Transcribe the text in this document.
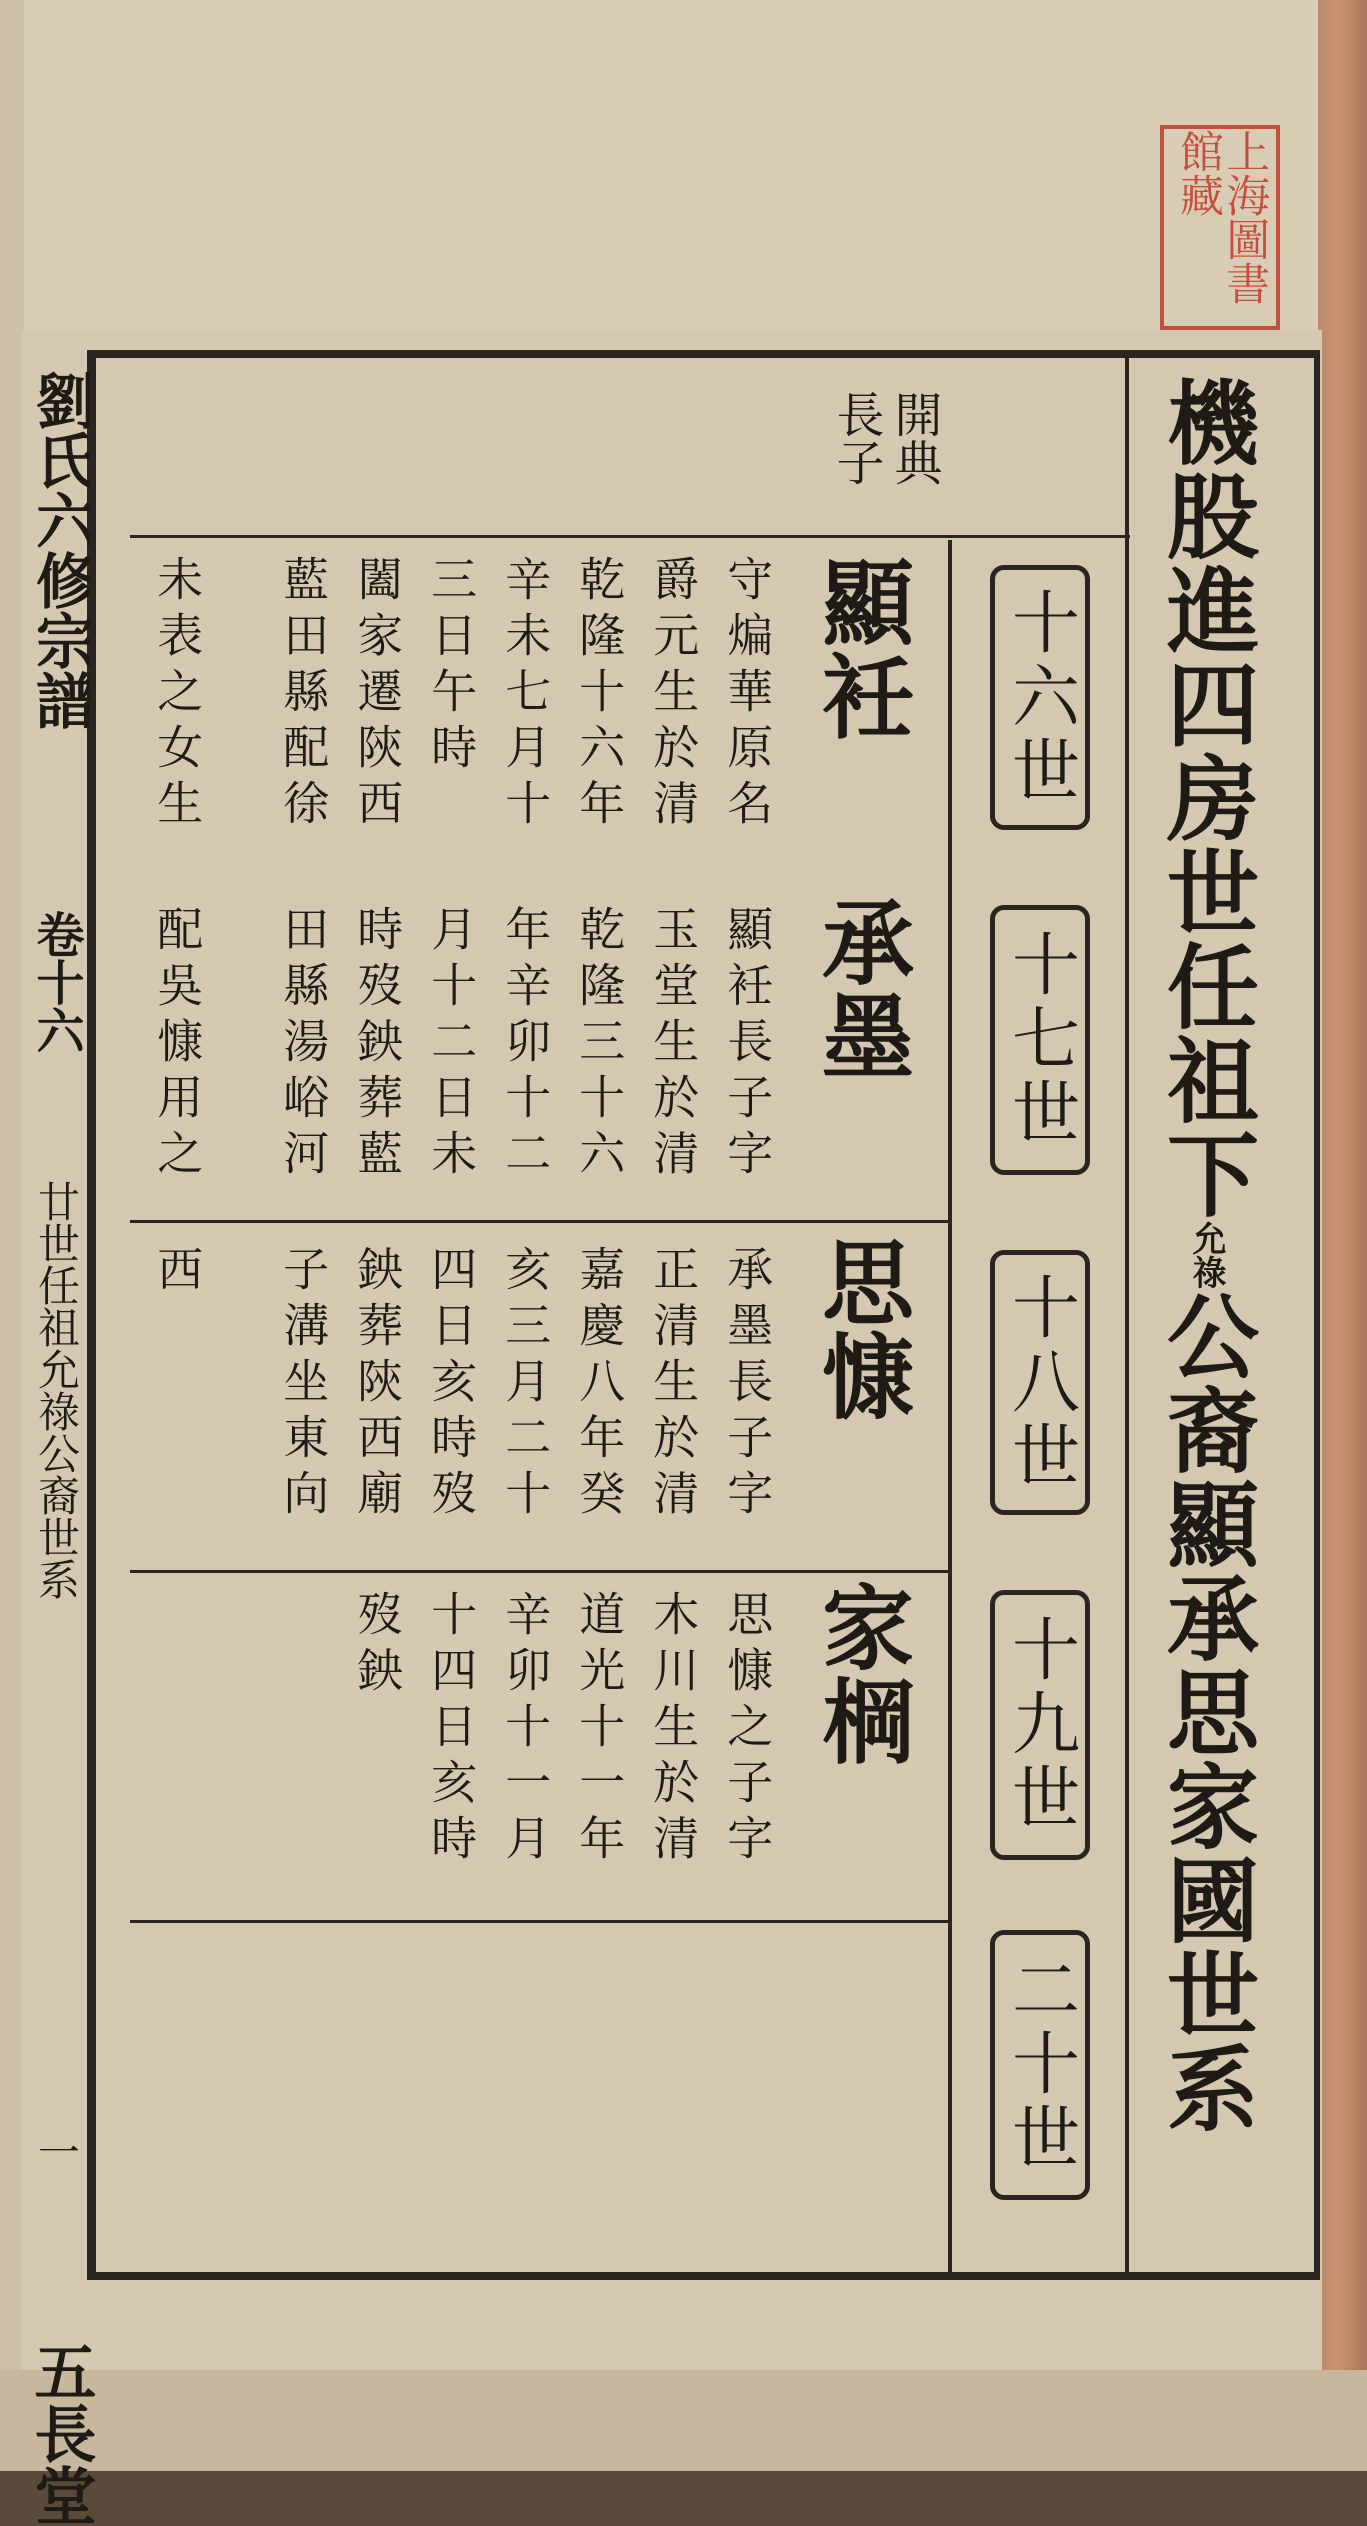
上海圖書館藏
劉氏六修宗譜
卷十六
廿世任祖允祿公裔世系
一
五長堂
機股進四房世任祖下允祿公裔顯承思家國世系
十六世
十七世
十八世
十九世
二十世
開典
長子
顯衽
承墨
思慷
家棡
守煸華原名
爵元生於清
乾隆十六年
辛未七月十
三日午時
闔家遷陝西
藍田縣配徐
未表之女生
顯衽長子字
玉堂生於清
乾隆三十六
年辛卯十二
月十二日未
時歿鉠葬藍
田縣湯峪河
配吳慷用之
承墨長子字
正清生於清
嘉慶八年癸
亥三月二十
四日亥時歿
鉠葬陝西廟
子溝坐東向
西
思慷之子字
木川生於清
道光十一年
辛卯十一月
十四日亥時
歿鉠
